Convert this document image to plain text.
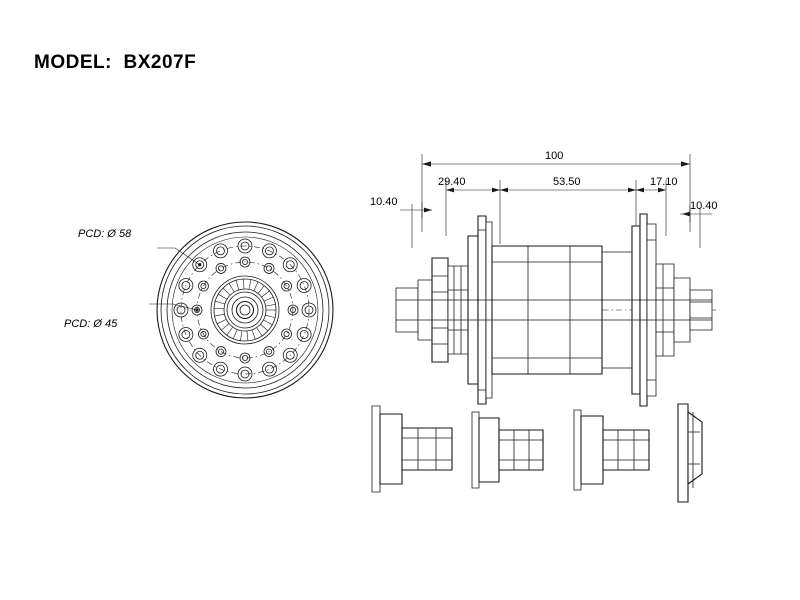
MODEL:  BX207F
PCD: Ø 58
PCD: Ø 45
100
29.40	53.50	17.10
10.40	10.40
